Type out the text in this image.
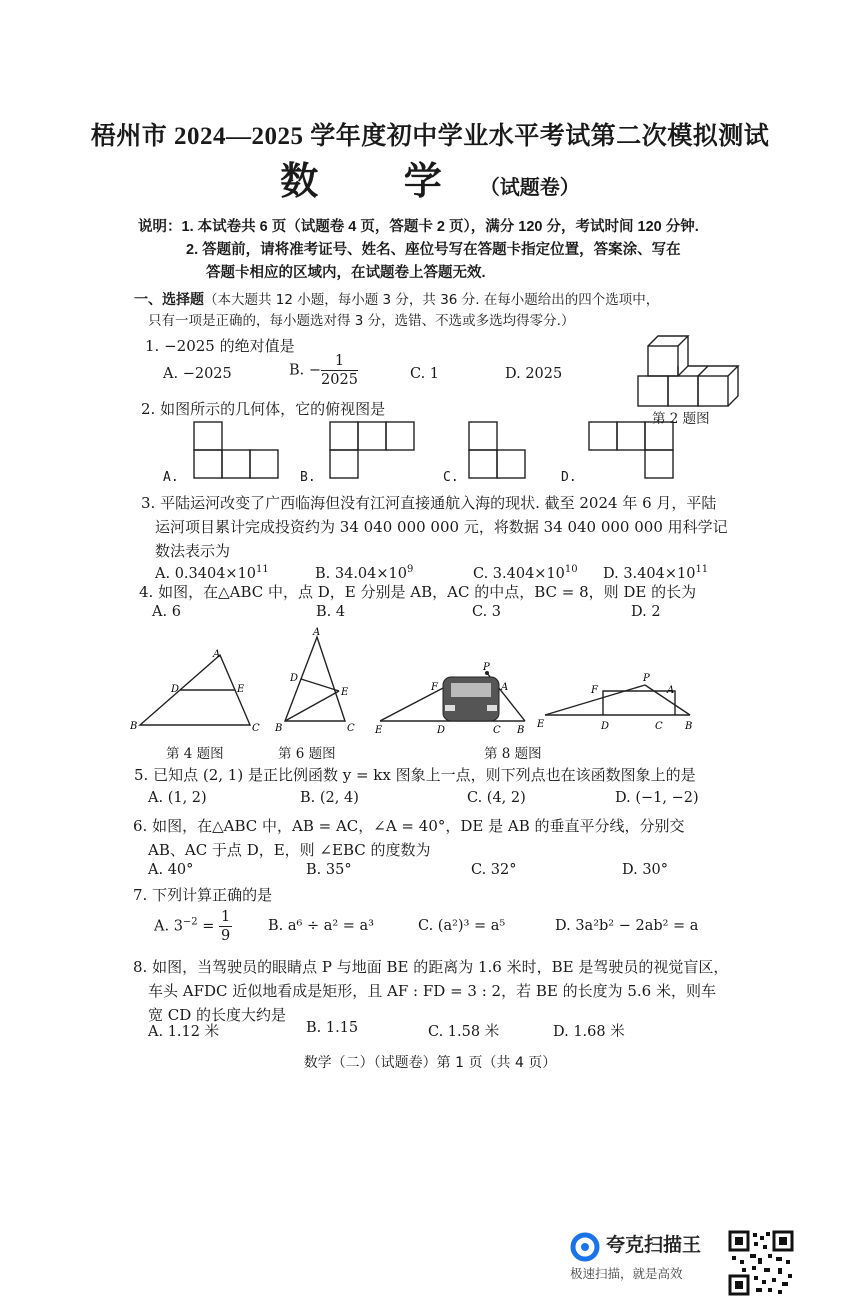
梧州市 2024—2025 学年度初中学业水平考试第二次模拟测试
数 学（试题卷）
说明：1. 本试卷共 6 页（试题卷 4 页，答题卡 2 页），满分 120 分，考试时间 120 分钟.
2. 答题前，请将准考证号、姓名、座位号写在答题卡指定位置，答案涂、写在
答题卡相应的区域内，在试题卷上答题无效.
一、选择题（本大题共 12 小题，每小题 3 分，共 36 分. 在每小题给出的四个选项中，
只有一项是正确的，每小题选对得 3 分，选错、不选或多选均得零分.）
1. −2025 的绝对值是
A. −2025	B. − $\frac{1}{2025}$	C. 1	D. 2025
第 2 题图
2. 如图所示的几何体，它的俯视图是
A.	B.	C.	D.
3. 平陆运河改变了广西临海但没有江河直接通航入海的现状. 截至 2024 年 6 月，平陆
运河项目累计完成投资约为 34 040 000 000 元，将数据 34 040 000 000 用科学记
数法表示为
A. $0.3404\times 10^{11}$	B. $34.04\times 10^9$	C. $3.404\times 10^{10}$ D. $3.404\times 10^{11}$
4. 如图，在△ABC 中，点 D，E 分别是 AB，AC 的中点，BC = 8，则 DE 的长为
A. 6	B. 4	C. 3	D. 2
A
D	E
B	C
A
D
E
B	C
P
F	A
E	D	C B
P
F	A
E	D	C B
第 4 题图	第 6 题图	第 8 题图
5. 已知点 (2, 1) 是正比例函数 y = kx 图象上一点，则下列点也在该函数图象上的是
A. (1, 2)	B. (2, 4)	C. (4, 2)	D. (−1, −2)
6. 如图，在△ABC 中，AB = AC，∠A = 40°，DE 是 AB 的垂直平分线，分别交
AB、AC 于点 D，E，则 ∠EBC 的度数为
A. 40°	B. 35°	C. 32°	D. 30°
7. 下列计算正确的是
A. $3^{-2} = \frac{1}{9} B$. a⁶ ÷ a² = a³	C. (a²)³ = a⁵	D. 3a²b² − 2ab² = a
8. 如图，当驾驶员的眼睛点 P 与地面 BE 的距离为 1.6 米时，BE 是驾驶员的视觉盲区，
车头 AFDC 近似地看成是矩形，且 AF : FD = 3 : 2，若 BE 的长度为 5.6 米，则车
宽 CD 的长度大约是
A. 1.12 米	B. 1.15	C. 1.58 米	D. 1.68 米
数学（二）（试题卷）第 1 页（共 4 页）
夸克扫描王
极速扫描，就是高效
